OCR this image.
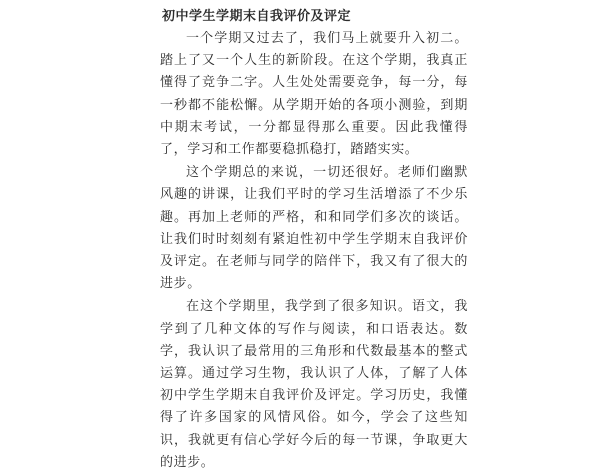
初中学生学期末自我评价及评定

一个学期又过去了，我们马上就要升入初二。踏上了又一个人生的新阶段。在这个学期，我真正懂得了竞争二字。人生处处需要竞争，每一分，每一秒都不能松懈。从学期开始的各项小测验，到期中期末考试，一分都显得那么重要。因此我懂得了，学习和工作都要稳抓稳打，踏踏实实。

这个学期总的来说，一切还很好。老师们幽默风趣的讲课，让我们平时的学习生活增添了不少乐趣。再加上老师的严格，和和同学们多次的谈话。让我们时时刻刻有紧迫性初中学生学期末自我评价及评定。在老师与同学的陪伴下，我又有了很大的进步。

在这个学期里，我学到了很多知识。语文，我学到了几种文体的写作与阅读，和口语表达。数学，我认识了最常用的三角形和代数最基本的整式运算。通过学习生物，我认识了人体，了解了人体初中学生学期末自我评价及评定。学习历史，我懂得了许多国家的风情风俗。如今，学会了这些知识，我就更有信心学好今后的每一节课，争取更大的进步。
